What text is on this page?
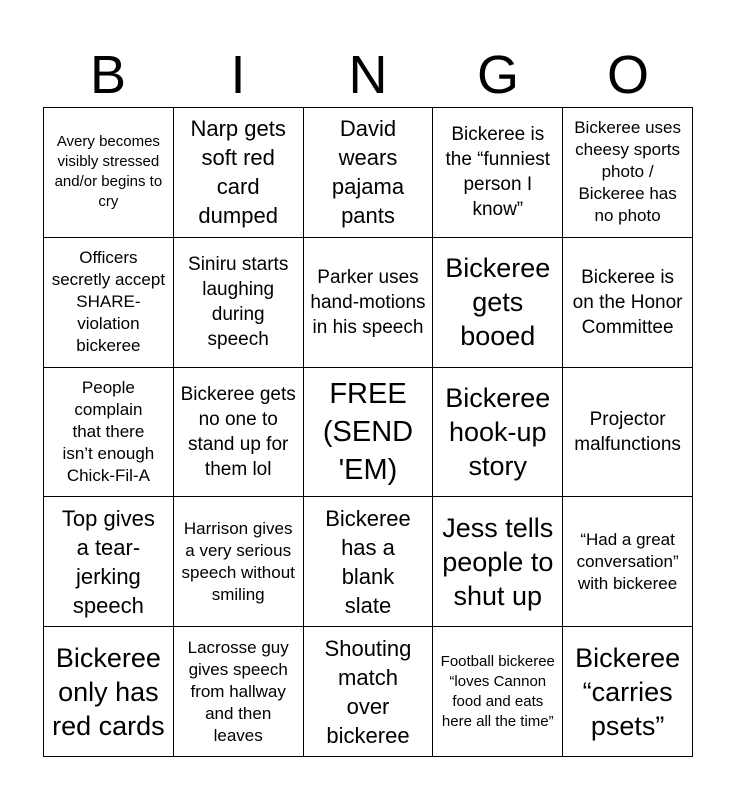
B	I	N	G	O
Avery becomes visibly stressed and/or begins to cry
Narp gets soft red card dumped
David wears pajama pants
Bickeree is the “funniest person I know”
Bickeree uses cheesy sports photo / Bickeree has no photo
Officers secretly accept SHARE-violation bickeree
Siniru starts laughing during speech
Parker uses hand-motions in his speech
Bickeree gets booed
Bickeree is on the Honor Committee
People complain that there isn’t enough Chick-Fil-A
Bickeree gets no one to stand up for them lol
FREE (SEND 'EM)
Bickeree hook-up story
Projector malfunctions
Top gives a tear-jerking speech
Harrison gives a very serious speech without smiling
Bickeree has a blank slate
Jess tells people to shut up
“Had a great conversation” with bickeree
Bickeree only has red cards
Lacrosse guy gives speech from hallway and then leaves
Shouting match over bickeree
Football bickeree “loves Cannon food and eats here all the time”
Bickeree “carries psets”
